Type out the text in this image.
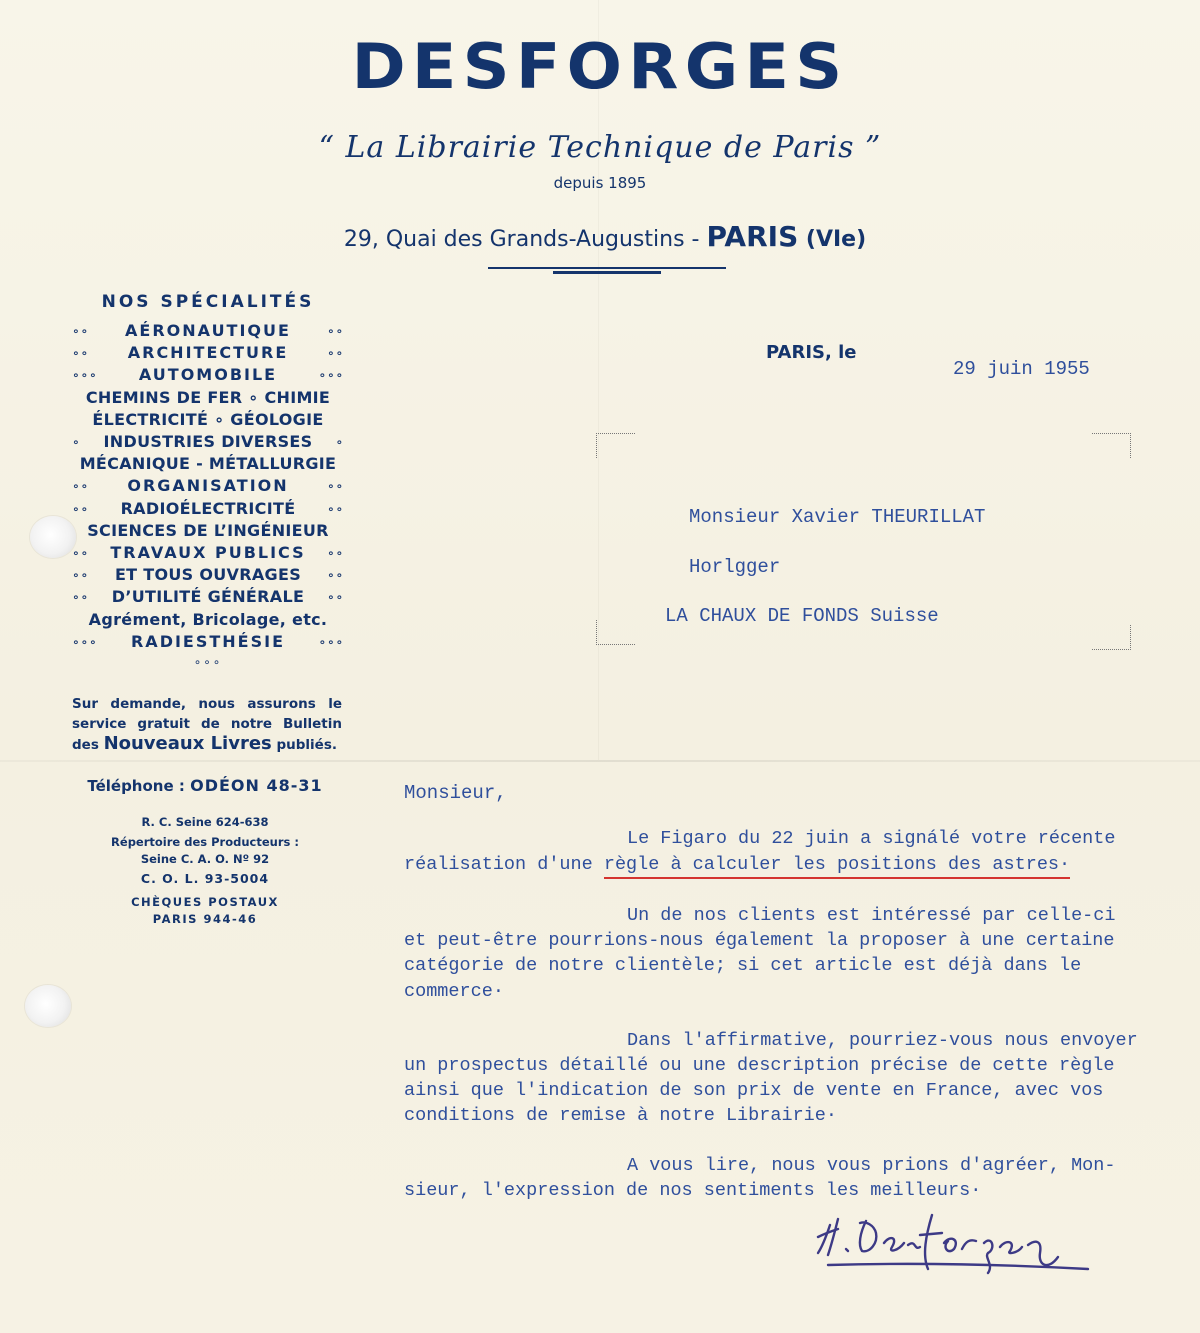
DESFORGES
“ La Librairie Technique de Paris ”
depuis 1895
29, Quai des Grands-Augustins - PARIS (VIe)
NOS SPÉCIALITÉS
∘∘	AÉRONAUTIQUE	∘∘
∘∘	ARCHITECTURE	∘∘
∘∘∘	AUTOMOBILE	∘∘∘
CHEMINS DE FER ∘ CHIMIE
ÉLECTRICITÉ ∘ GÉOLOGIE
∘	INDUSTRIES DIVERSES	∘
MÉCANIQUE - MÉTALLURGIE
∘∘	ORGANISATION	∘∘
∘∘	RADIOÉLECTRICITÉ	∘∘
SCIENCES DE L’INGÉNIEUR
∘∘	TRAVAUX PUBLICS	∘∘
∘∘	ET TOUS OUVRAGES	∘∘
∘∘	D’UTILITÉ GÉNÉRALE	∘∘
Agrément, Bricolage, etc.
∘∘∘	RADIESTHÉSIE	∘∘∘
∘∘∘
Sur demande, nous assurons le service gratuit de notre Bulletin des Nouveaux Livres publiés.
Téléphone : ODÉON 48-31
R. C. Seine 624-638
Répertoire des Producteurs :
Seine C. A. O. Nº 92
C. O. L. 93-5004
CHÈQUES POSTAUX
PARIS 944-46
PARIS, le
29 juin 1955
Monsieur Xavier THEURILLAT
Horlgger
LA CHAUX DE FONDS Suisse
Monsieur,
Le Figaro du 22 juin a signálé votre récente
réalisation d'une règle à calculer les positions des astres·
Un de nos clients est intéressé par celle-ci
et peut-être pourrions-nous également la proposer à une certaine
catégorie de notre clientèle; si cet article est déjà dans le
commerce·
Dans l'affirmative, pourriez-vous nous envoyer
un prospectus détaillé ou une description précise de cette règle
ainsi que l'indication de son prix de vente en France, avec vos
conditions de remise à notre Librairie·
A vous lire, nous vous prions d'agréer, Mon-
sieur, l'expression de nos sentiments les meilleurs·
